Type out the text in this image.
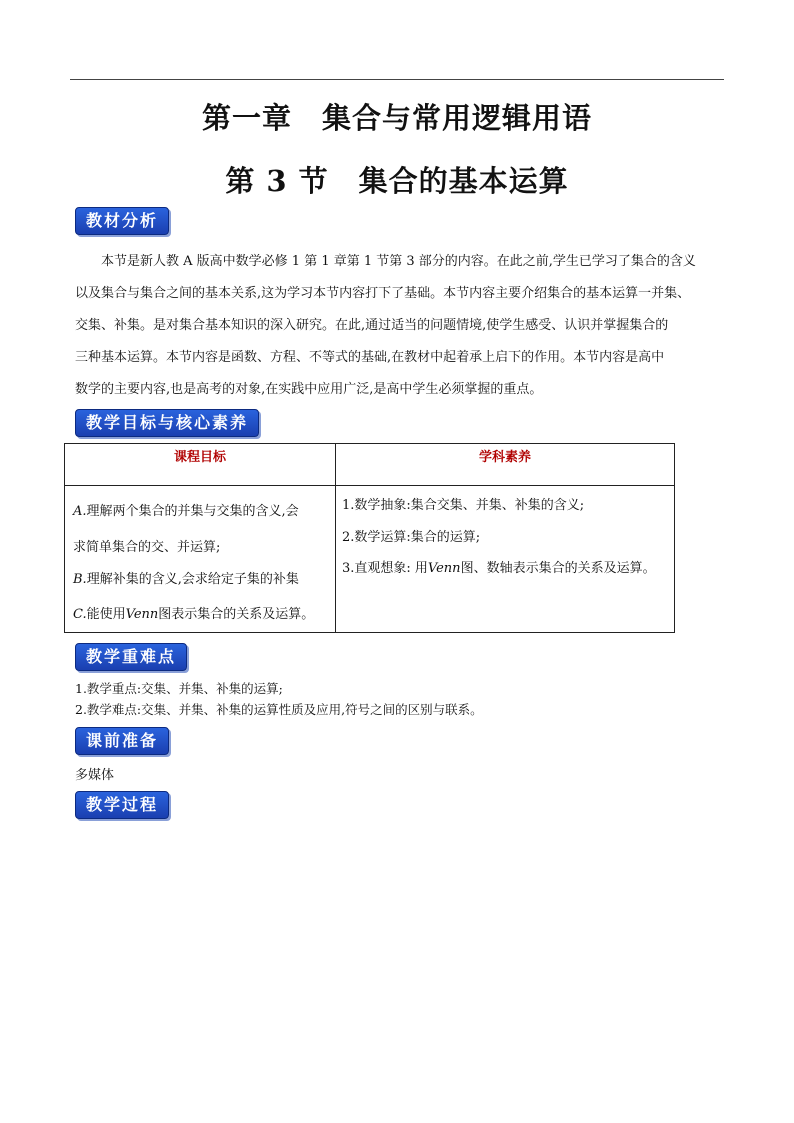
第一章　集合与常用逻辑用语
第 3 节　集合的基本运算
教材分析
本节是新人教 A 版高中数学必修 1 第 1 章第 1 节第 3 部分的内容。在此之前,学生已学习了集合的含义
以及集合与集合之间的基本关系,这为学习本节内容打下了基础。本节内容主要介绍集合的基本运算一并集、
交集、补集。是对集合基本知识的深入研究。在此,通过适当的问题情境,使学生感受、认识并掌握集合的
三种基本运算。本节内容是函数、方程、不等式的基础,在教材中起着承上启下的作用。本节内容是高中
数学的主要内容,也是高考的对象,在实践中应用广泛,是高中学生必须掌握的重点。
教学目标与核心素养
课程目标	学科素养
A.理解两个集合的并集与交集的含义,会
求简单集合的交、并运算;
B.理解补集的含义,会求给定子集的补集
C.能使用Venn图表示集合的关系及运算。
1.数学抽象:集合交集、并集、补集的含义;
2.数学运算:集合的运算;
3.直观想象: 用Venn图、数轴表示集合的关系及运算。
教学重难点
1.教学重点:交集、并集、补集的运算;
2.教学难点:交集、并集、补集的运算性质及应用,符号之间的区别与联系。
课前准备
多媒体
教学过程
